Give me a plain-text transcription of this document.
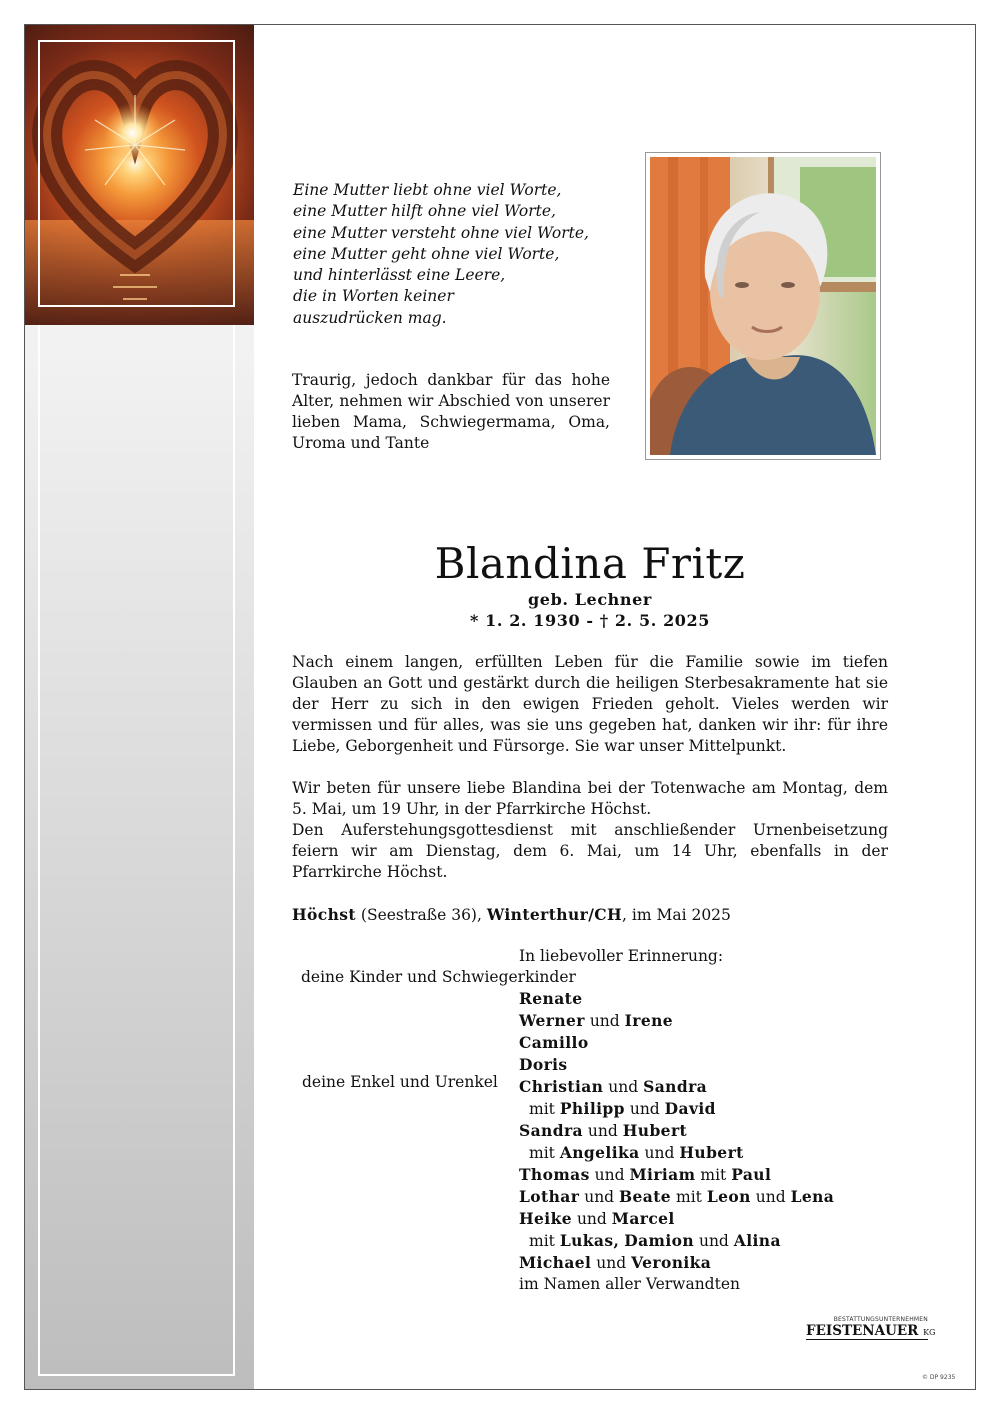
Eine Mutter liebt ohne viel Worte,
eine Mutter hilft ohne viel Worte,
eine Mutter versteht ohne viel Worte,
eine Mutter geht ohne viel Worte,
und hinterlässt eine Leere,
die in Worten keiner
auszudrücken mag.
Traurig, jedoch dankbar für das hohe Alter, nehmen wir Abschied von unserer lieben Mama, Schwiegermama, Oma, Uroma und Tante
Blandina Fritz
geb. Lechner
* 1. 2. 1930 - † 2. 5. 2025
Nach einem langen, erfüllten Leben für die Familie sowie im tiefen Glauben an Gott und gestärkt durch die heiligen Sterbesakramente hat sie der Herr zu sich in den ewigen Frieden geholt. Vieles werden wir vermissen und für alles, was sie uns gegeben hat, danken wir ihr: für ihre Liebe, Geborgenheit und Fürsorge. Sie war unser Mittelpunkt.
Wir beten für unsere liebe Blandina bei der Totenwache am Montag, dem 5. Mai, um 19 Uhr, in der Pfarrkirche Höchst.
Den Auferstehungsgottesdienst mit anschließender Urnenbeisetzung feiern wir am Dienstag, dem 6. Mai, um 14 Uhr, ebenfalls in der Pfarrkirche Höchst.
Höchst (Seestraße 36), Winterthur/CH, im Mai 2025
In liebevoller Erinnerung:
deine Kinder und Schwiegerkinder
deine Enkel und Urenkel
Renate
Werner und Irene
Camillo
Doris
Christian und Sandra
mit Philipp und David
Sandra und Hubert
mit Angelika und Hubert
Thomas und Miriam mit Paul
Lothar und Beate mit Leon und Lena
Heike und Marcel
mit Lukas, Damion und Alina
Michael und Veronika
im Namen aller Verwandten
BESTATTUNGSUNTERNEHMEN
FEISTENAUER KG
© DP 9235
